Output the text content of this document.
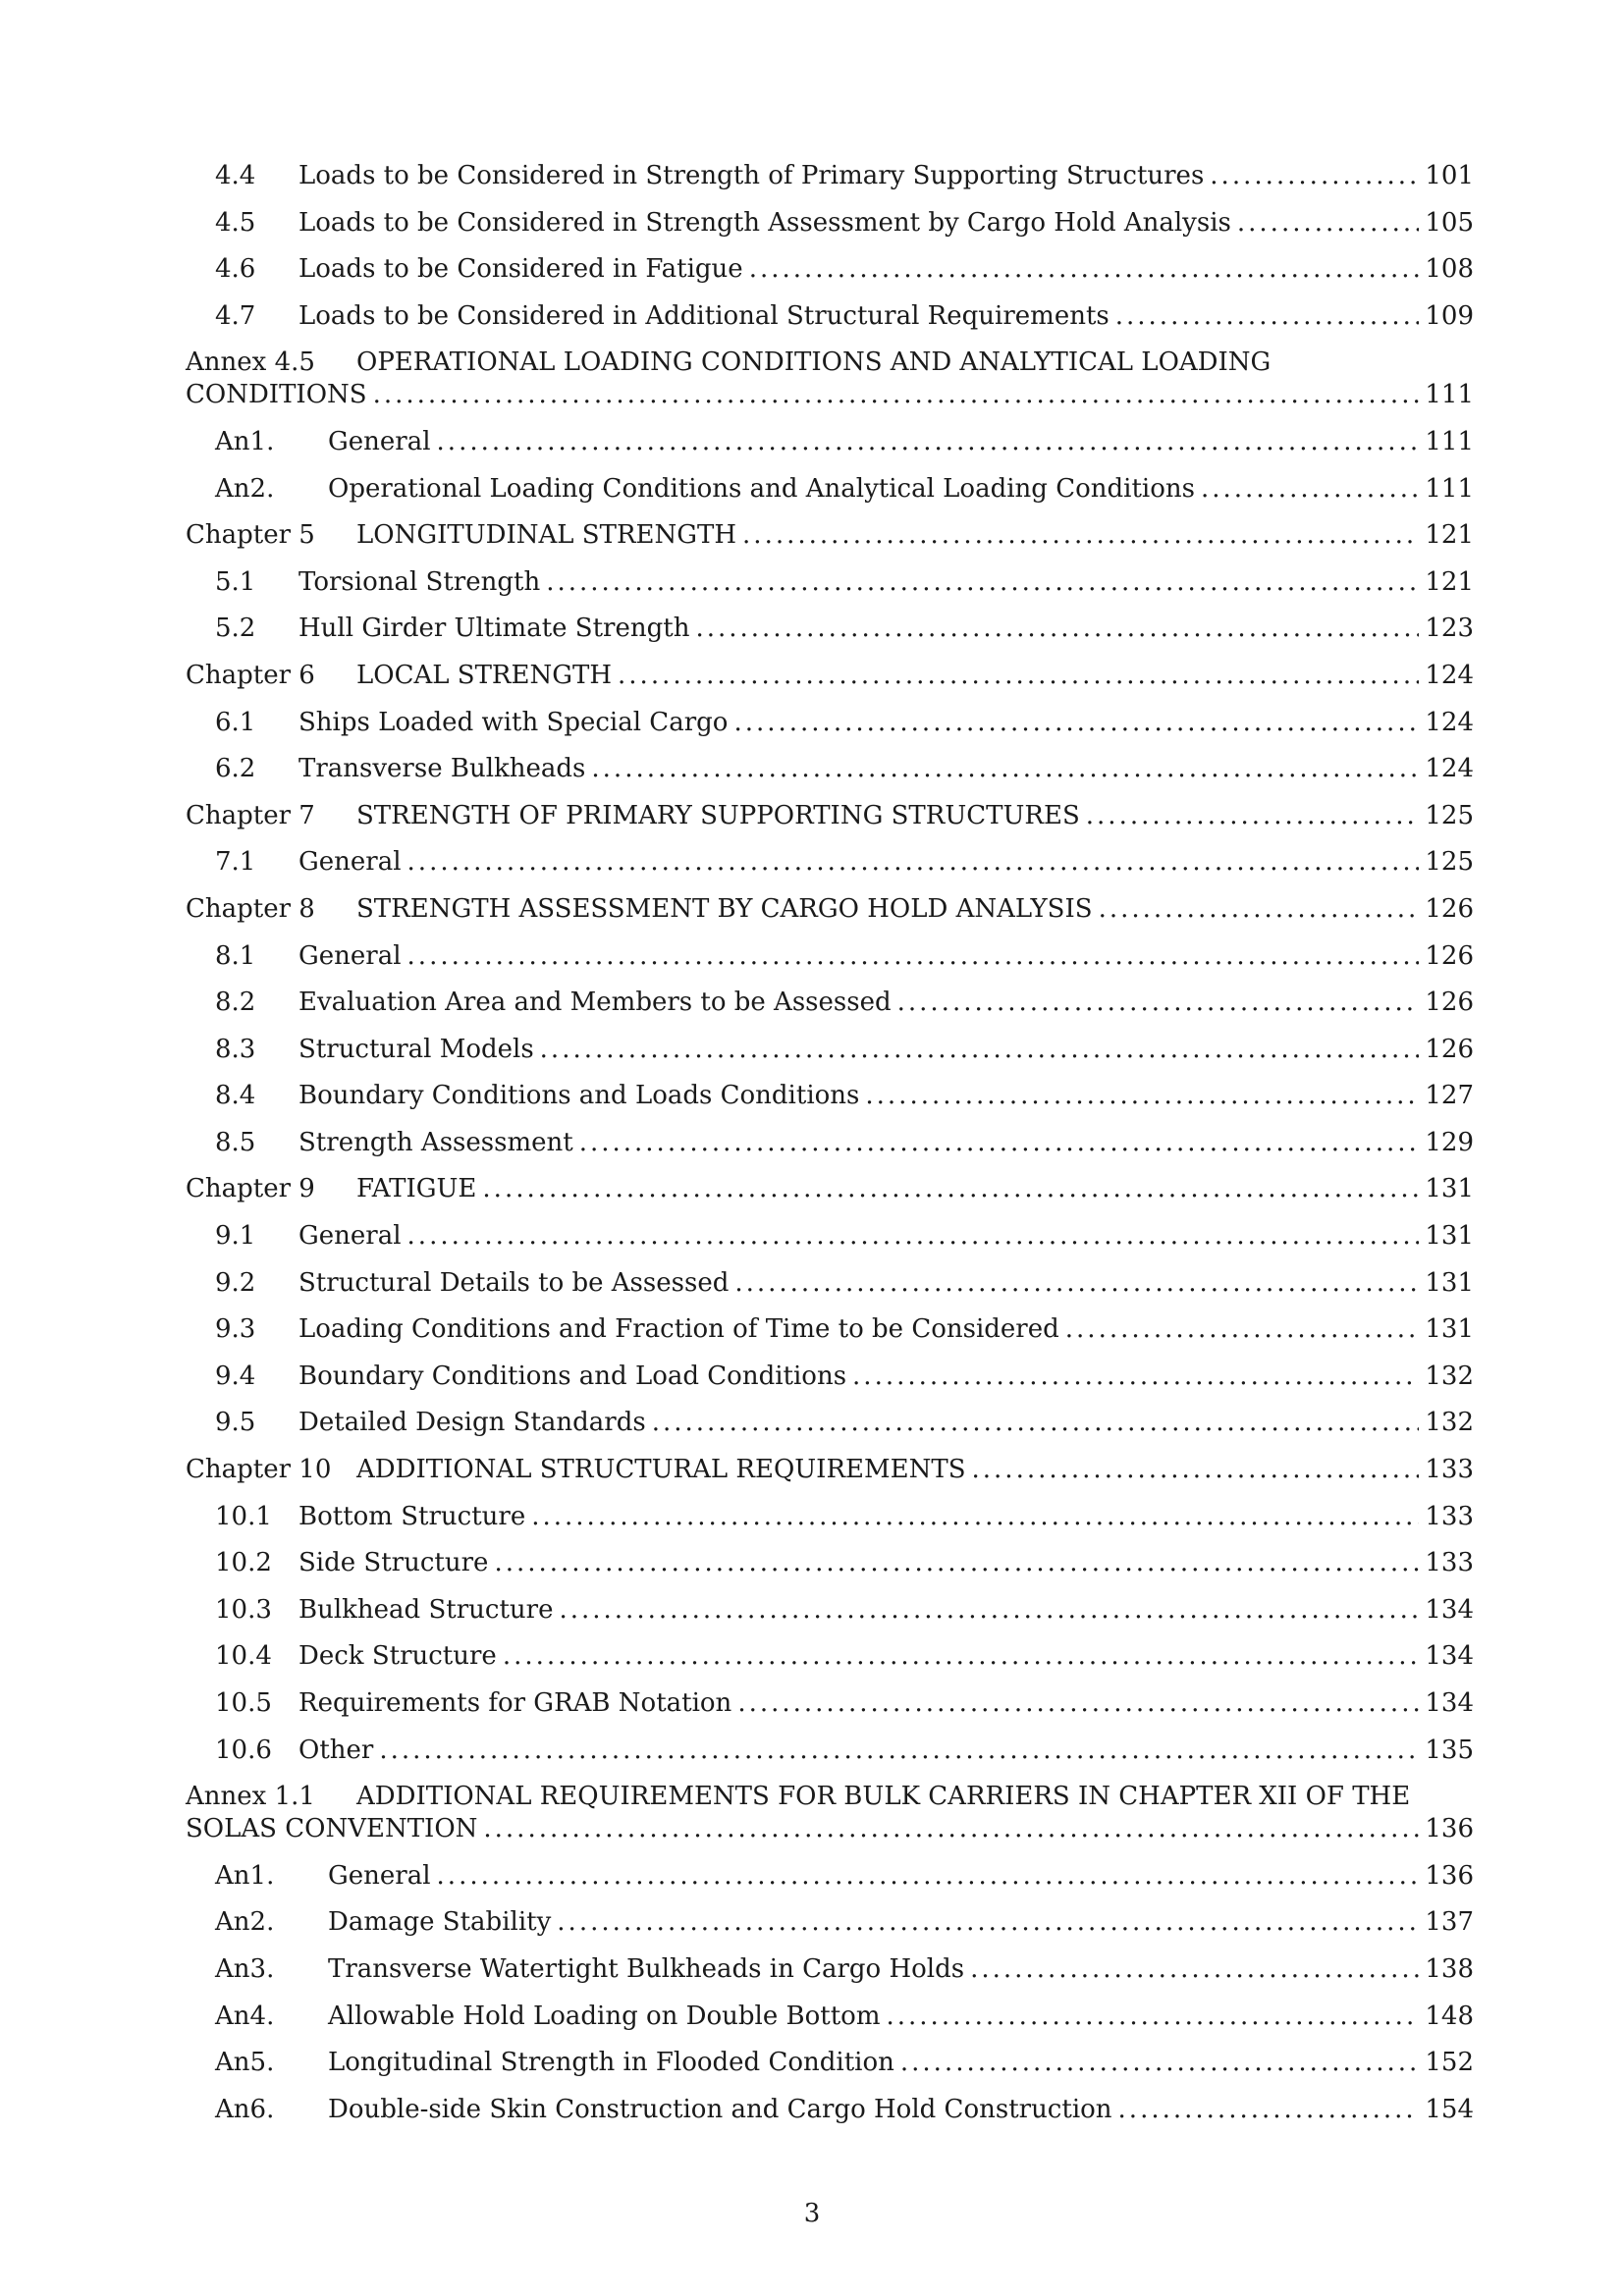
4.4	Loads to be Considered in Strength of Primary Supporting Structures .....	101
4.5	Loads to be Considered in Strength Assessment by Cargo Hold Analysis .....	105
4.6	Loads to be Considered in Fatigue .....	108
4.7	Loads to be Considered in Additional Structural Requirements .....	109
Annex 4.5 OPERATIONAL LOADING CONDITIONS AND ANALYTICAL LOADING
CONDITIONS .....	111
An1.	General .....	111
An2.	Operational Loading Conditions and Analytical Loading Conditions .....	111
Chapter 5	LONGITUDINAL STRENGTH .....	121
5.1	Torsional Strength .....	121
5.2	Hull Girder Ultimate Strength .....	123
Chapter 6	LOCAL STRENGTH .....	124
6.1	Ships Loaded with Special Cargo .....	124
6.2	Transverse Bulkheads .....	124
Chapter 7	STRENGTH OF PRIMARY SUPPORTING STRUCTURES .....	125
7.1	General .....	125
Chapter 8	STRENGTH ASSESSMENT BY CARGO HOLD ANALYSIS .....	126
8.1	General .....	126
8.2	Evaluation Area and Members to be Assessed .....	126
8.3	Structural Models .....	126
8.4	Boundary Conditions and Loads Conditions .....	127
8.5	Strength Assessment .....	129
Chapter 9	FATIGUE .....	131
9.1	General .....	131
9.2	Structural Details to be Assessed .....	131
9.3	Loading Conditions and Fraction of Time to be Considered .....	131
9.4	Boundary Conditions and Load Conditions .....	132
9.5	Detailed Design Standards .....	132
Chapter 10 ADDITIONAL STRUCTURAL REQUIREMENTS .....	133
10.1	Bottom Structure .....	133
10.2	Side Structure .....	133
10.3	Bulkhead Structure .....	134
10.4	Deck Structure .....	134
10.5	Requirements for GRAB Notation .....	134
10.6	Other .....	135
Annex 1.1 ADDITIONAL REQUIREMENTS FOR BULK CARRIERS IN CHAPTER XII OF THE
SOLAS CONVENTION .....	136
An1.	General .....	136
An2.	Damage Stability .....	137
An3.	Transverse Watertight Bulkheads in Cargo Holds .....	138
An4.	Allowable Hold Loading on Double Bottom .....	148
An5.	Longitudinal Strength in Flooded Condition .....	152
An6.	Double-side Skin Construction and Cargo Hold Construction .....	154
3
